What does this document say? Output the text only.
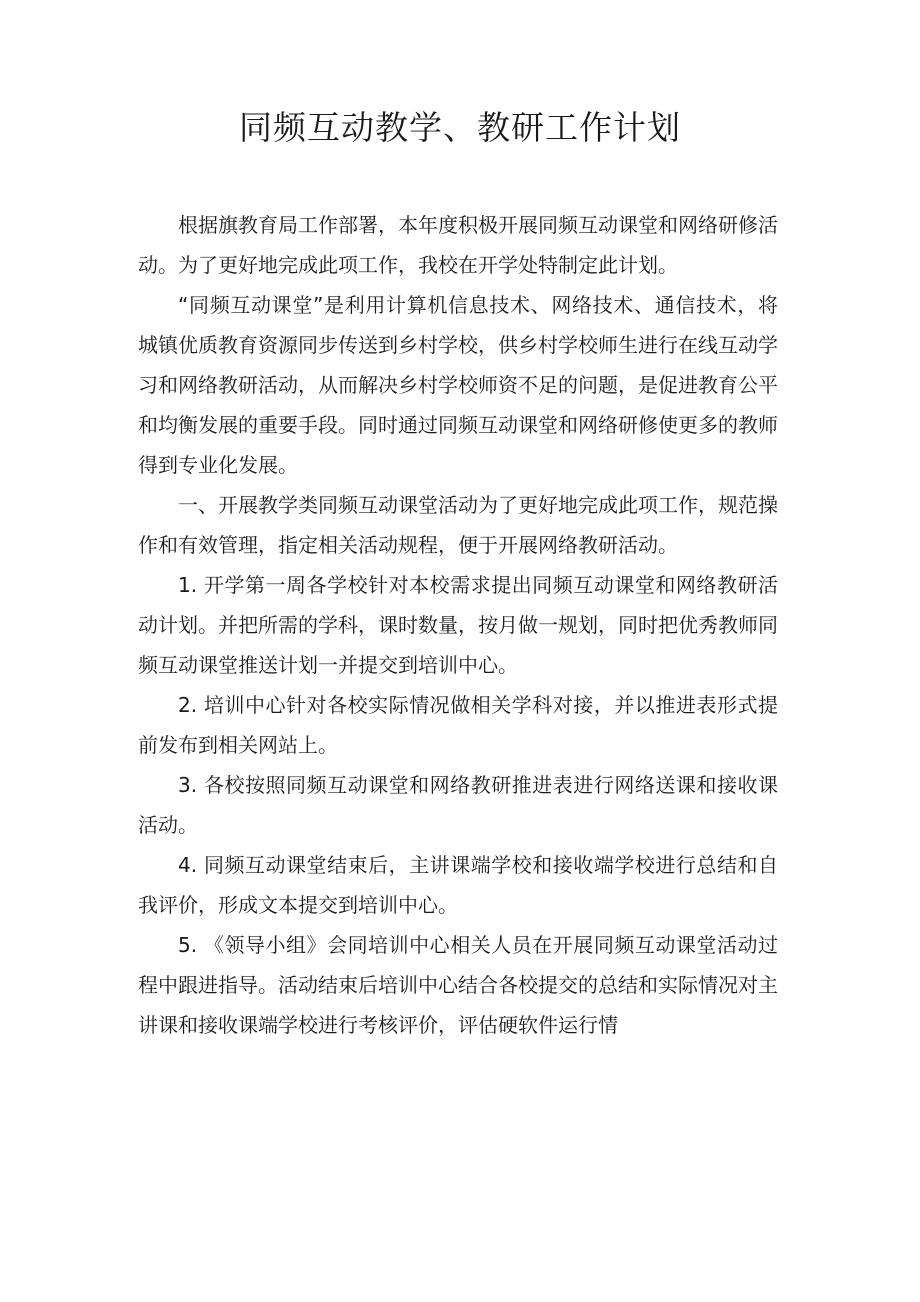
同频互动教学、教研工作计划

根据旗教育局工作部署，本年度积极开展同频互动课堂和网络研修活动。为了更好地完成此项工作，我校在开学处特制定此计划。

“同频互动课堂”是利用计算机信息技术、网络技术、通信技术，将城镇优质教育资源同步传送到乡村学校，供乡村学校师生进行在线互动学习和网络教研活动，从而解决乡村学校师资不足的问题，是促进教育公平和均衡发展的重要手段。同时通过同频互动课堂和网络研修使更多的教师得到专业化发展。

一、开展教学类同频互动课堂活动为了更好地完成此项工作，规范操作和有效管理，指定相关活动规程，便于开展网络教研活动。

1. 开学第一周各学校针对本校需求提出同频互动课堂和网络教研活动计划。并把所需的学科，课时数量，按月做一规划，同时把优秀教师同频互动课堂推送计划一并提交到培训中心。

2. 培训中心针对各校实际情况做相关学科对接，并以推进表形式提前发布到相关网站上。

3. 各校按照同频互动课堂和网络教研推进表进行网络送课和接收课活动。

4. 同频互动课堂结束后，主讲课端学校和接收端学校进行总结和自我评价，形成文本提交到培训中心。

5. 《领导小组》会同培训中心相关人员在开展同频互动课堂活动过程中跟进指导。活动结束后培训中心结合各校提交的总结和实际情况对主讲课和接收课端学校进行考核评价，评估硬软件运行情
